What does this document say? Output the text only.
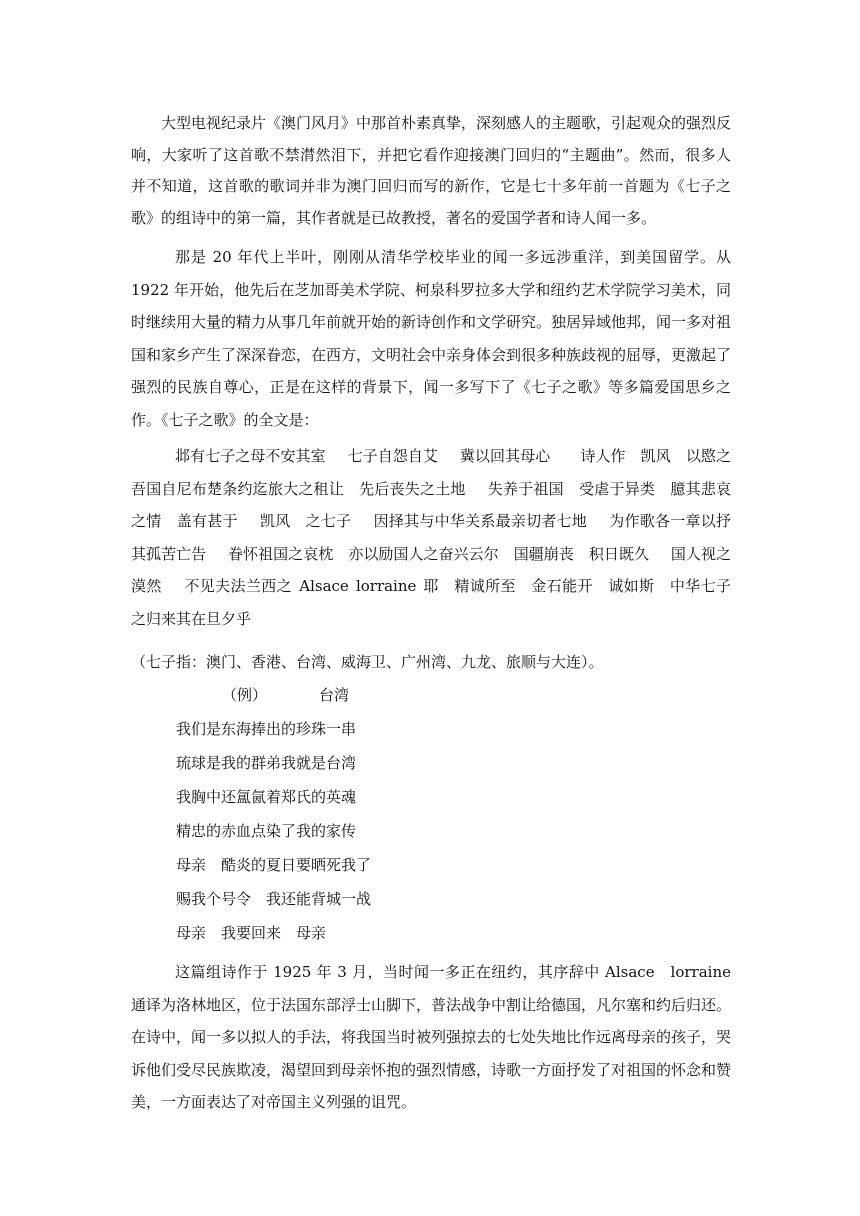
大型电视纪录片《澳门风月》中那首朴素真挚，深刻感人的主题歌，引起观众的强烈反响，大家听了这首歌不禁潸然泪下，并把它看作迎接澳门回归的“主题曲”。然而，很多人并不知道，这首歌的歌词并非为澳门回归而写的新作，它是七十多年前一首题为《七子之歌》的组诗中的第一篇，其作者就是已故教授，著名的爱国学者和诗人闻一多。

那是 20 年代上半叶，刚刚从清华学校毕业的闻一多远涉重洋，到美国留学。从 1922 年开始，他先后在芝加哥美术学院、柯泉科罗拉多大学和纽约艺术学院学习美术，同时继续用大量的精力从事几年前就开始的新诗创作和文学研究。独居异域他邦，闻一多对祖国和家乡产生了深深眷恋，在西方，文明社会中亲身体会到很多种族歧视的屈辱，更激起了强烈的民族自尊心，正是在这样的背景下，闻一多写下了《七子之歌》等多篇爱国思乡之作。《七子之歌》的全文是：

邶有七子之母不安其室　 七子自怨自艾　 冀以回其母心　　诗人作　凯风　以愍之　吾国自尼布楚条约迄旅大之租让　先后丧失之土地　 失养于祖国　受虐于异类　臆其悲哀之情　盖有甚于　 凯风　之七子　 因择其与中华关系最亲切者七地　 为作歌各一章以抒其孤苦亡告　 眷怀祖国之哀枕　亦以励国人之奋兴云尔　国疆崩丧　积日既久　 国人视之漠然　 不见夫法兰西之 Alsace lorraine 耶　精诚所至　金石能开　诚如斯　中华七子　之归来其在旦夕乎

（七子指：澳门、香港、台湾、威海卫、广州湾、九龙、旅顺与大连）。

（例）	台湾

我们是东海捧出的珍珠一串

琉球是我的群弟我就是台湾

我胸中还氲氤着郑氏的英魂

精忠的赤血点染了我的家传

母亲　酷炎的夏日要晒死我了

赐我个号令　我还能背城一战

母亲　我要回来　母亲

这篇组诗作于 1925 年 3 月，当时闻一多正在纽约，其序辞中 Alsace　lorraine 通译为洛林地区，位于法国东部浮士山脚下，普法战争中割让给德国，凡尔塞和约后归还。在诗中，闻一多以拟人的手法，将我国当时被列强掠去的七处失地比作远离母亲的孩子，哭诉他们受尽民族欺凌，渴望回到母亲怀抱的强烈情感，诗歌一方面抒发了对祖国的怀念和赞美，一方面表达了对帝国主义列强的诅咒。
